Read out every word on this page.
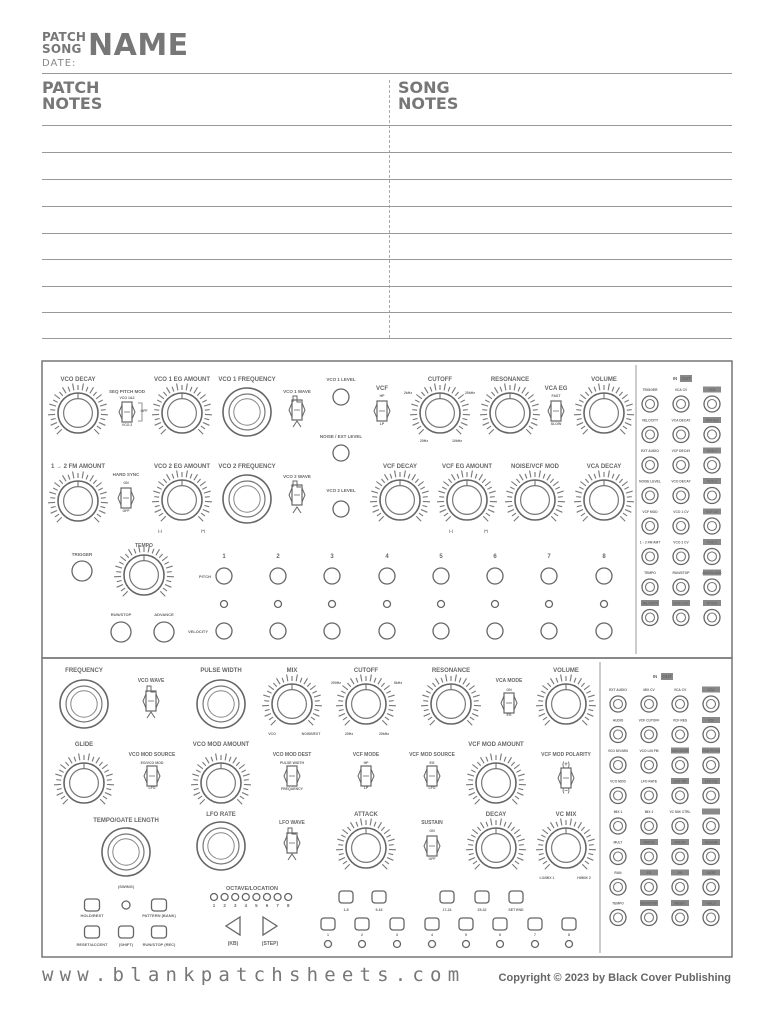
PATCH
SONG NAME
DATE:
PATCH
NOTES
SONG
NOTES
VCO DECAY
SEQ PITCH MOD
VCO 1&2
OFF
VCO 2
VCO 1 EG AMOUNT VCO 1 FREQUENCY
VCO 1 WAVE
VCO 1 LEVEL
VCF
HP
LP
CUTOFF
2kHz	20kHz
20Hz	10kHz
RESONANCE
VCA EG
FAST
SLOW
VOLUME
1 → 2 FM AMOUNT
HARD SYNC
ON
OFF
VCO 2 EG AMOUNT
(–)	(+)
VCO 2 FREQUENCY
VCO 2 WAVE
NOISE / EXT LEVEL
VCO 2 LEVEL
VCF DECAY	VCF EG AMOUNT
(–)	(+)
NOISE/VCF MOD	VCA DECAY
TRIGGER
TEMPO
PITCH
VELOCITY
RUN/STOP	ADVANCE
1	2	3	4	5	6	7	8
IN OUT
TRIGGER	VCA CV	VCA
VELOCITY	VCA DECAY	VCF EG
EXT AUDIO	VCF DECAY	VCO 1
NOISE LEVEL	VCO DECAY	VCO 2
VCF MOD	VCO 1 CV	VCF CV
1→2 FM AMT	VCO 2 CV	VCO 2
TEMPO	RUN/STOP	ADV/CLOCK
VELOCITY	VCO 1 CV	PITCH
FREQUENCY
VCO WAVE
PULSE WIDTH	MIX
VCO	NOISE/EXT
CUTOFF
200Hz	5kHz
20Hz	20kHz
RESONANCE
VCA MODE
ON
EG
VOLUME
GLIDE
VCO MOD SOURCE
EG/VCO MOD
LFO
VCO MOD AMOUNT
VCO MOD DEST
PULSE WIDTH
FREQUENCY
VCF MODE
HP
LP
VCF MOD SOURCE
EG
LFO
VCF MOD AMOUNT
VCF MOD POLARITY
(+)
(–)
TEMPO/GATE LENGTH
(SWING)
LFO RATE
LFO WAVE
ATTACK
SUSTAIN
ON
OFF
DECAY	VC MIX
LO/MIX 1	HI/MIX 2
HOLD/REST	PATTERN (BANK)
RESET/ACCENT	(SHIFT) RUN/STOP (REC)
OCTAVE/LOCATION
(KB)	(STEP)
1-8	9-16	17-24	25-32	SET END
1 2 3 4 5 6 7 8
1	2	3	4	5	6	7	8
IN OUT
EXT AUDIO	MIX CV	VCA CV	VCA
AUDIO	VCF CUTOFF	VCF RES	VCF
VCO DIV/MIX	VCO LIN FM	VCO GATE	VCO PITCH
VCO MOD	LFO RATE	LFO TRI	LFO SQ
MIX 1	MIX 2	VC MIX CTRL
MULT	PATCH	PATCH	ASSIGN
RUN	EG	EG	GATE
TEMPO	RUN/STOP	RESET	HOLD
www.blankpatchsheets.com	Copyright © 2023 by Black Cover Publishing
